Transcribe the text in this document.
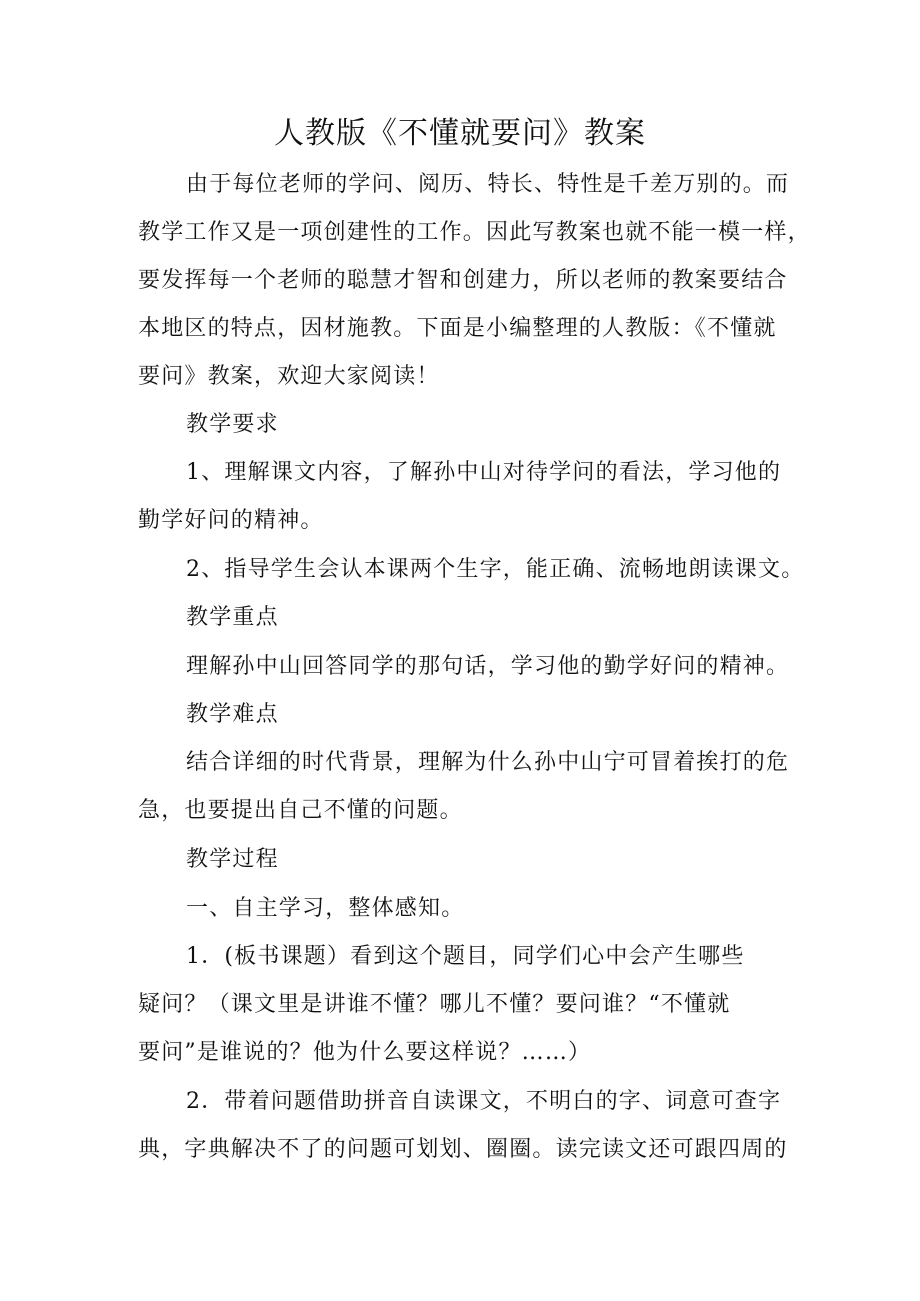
人教版《不懂就要问》教案
由于每位老师的学问、阅历、特长、特性是千差万别的。而
教学工作又是一项创建性的工作。因此写教案也就不能一模一样，
要发挥每一个老师的聪慧才智和创建力，所以老师的教案要结合
本地区的特点，因材施教。下面是小编整理的人教版：《不懂就
要问》教案，欢迎大家阅读！
教学要求
1、理解课文内容，了解孙中山对待学问的看法，学习他的
勤学好问的精神。
2、指导学生会认本课两个生字，能正确、流畅地朗读课文。
教学重点
理解孙中山回答同学的那句话，学习他的勤学好问的精神。
教学难点
结合详细的时代背景，理解为什么孙中山宁可冒着挨打的危
急，也要提出自己不懂的问题。
教学过程
一、自主学习，整体感知。
1．(板书课题）看到这个题目，同学们心中会产生哪些
疑问？（课文里是讲谁不懂？哪儿不懂？要问谁？“不懂就
要问”是谁说的？他为什么要这样说？……）
2．带着问题借助拼音自读课文，不明白的字、词意可查字
典，字典解决不了的问题可划划、圈圈。读完读文还可跟四周的
